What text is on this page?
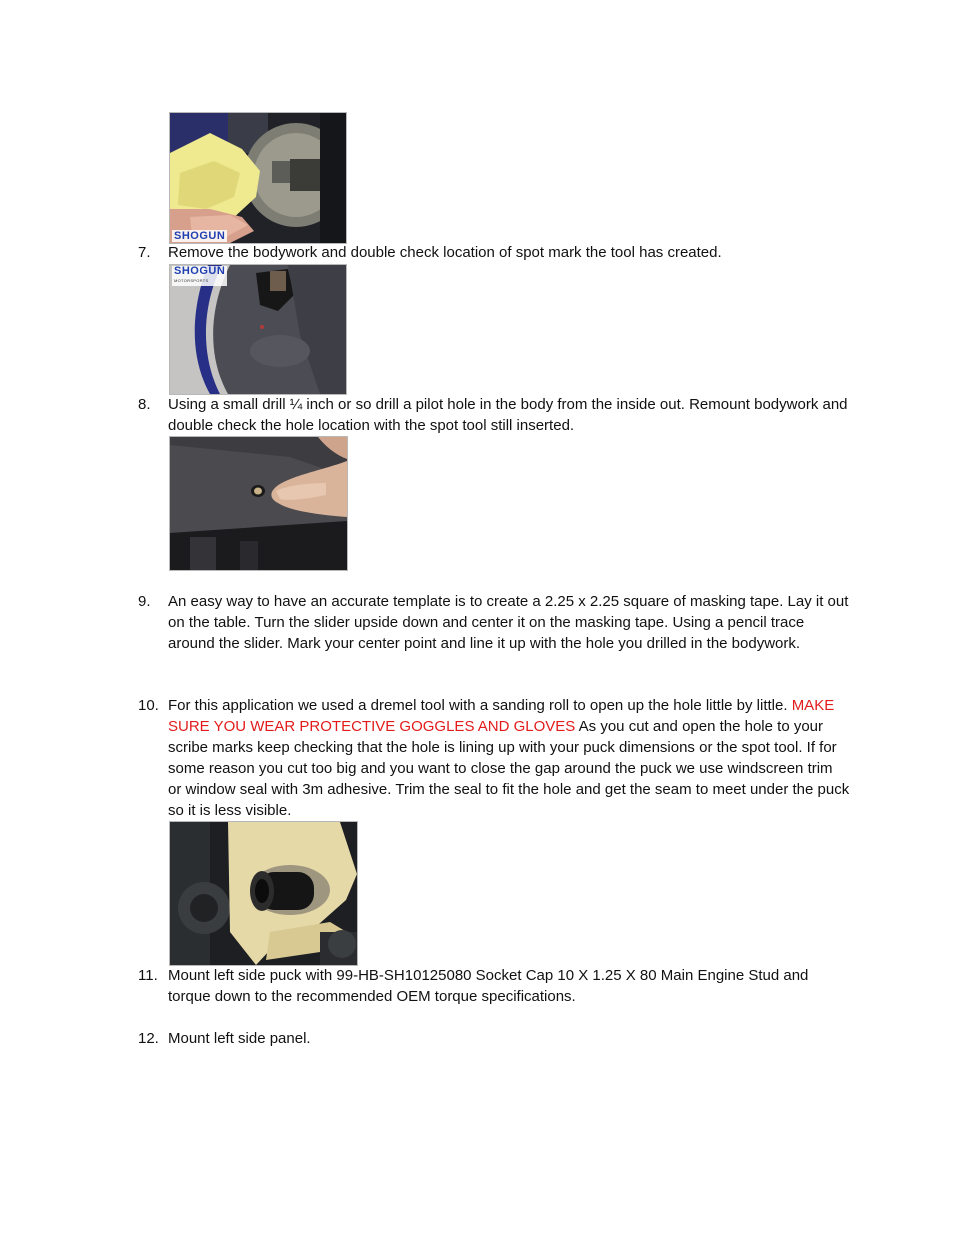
SHOGUN
7.	Remove the bodywork and double check location of spot mark the tool has created.
SHOGUN
MOTORSPORTS
8.	Using a small drill ¼ inch or so drill a pilot hole in the body from the inside out. Remount bodywork and double check the hole location with the spot tool still inserted.
9.	An easy way to have an accurate template is to create a 2.25 x 2.25 square of masking tape. Lay it out on the table. Turn the slider upside down and center it on the masking tape. Using a pencil trace around the slider. Mark your center point and line it up with the hole you drilled in the bodywork.
10. For this application we used a dremel tool with a sanding roll to open up the hole little by little. MAKE SURE YOU WEAR PROTECTIVE GOGGLES AND GLOVES As you cut and open the hole to your scribe marks keep checking that the hole is lining up with your puck dimensions or the spot tool. If for some reason you cut too big and you want to close the gap around the puck we use windscreen trim or window seal with 3m adhesive. Trim the seal to fit the hole and get the seam to meet under the puck so it is less visible.
11. Mount left side puck with 99-HB-SH10125080 Socket Cap 10 X 1.25 X 80 Main Engine Stud and torque down to the recommended OEM torque specifications.
12. Mount left side panel.
